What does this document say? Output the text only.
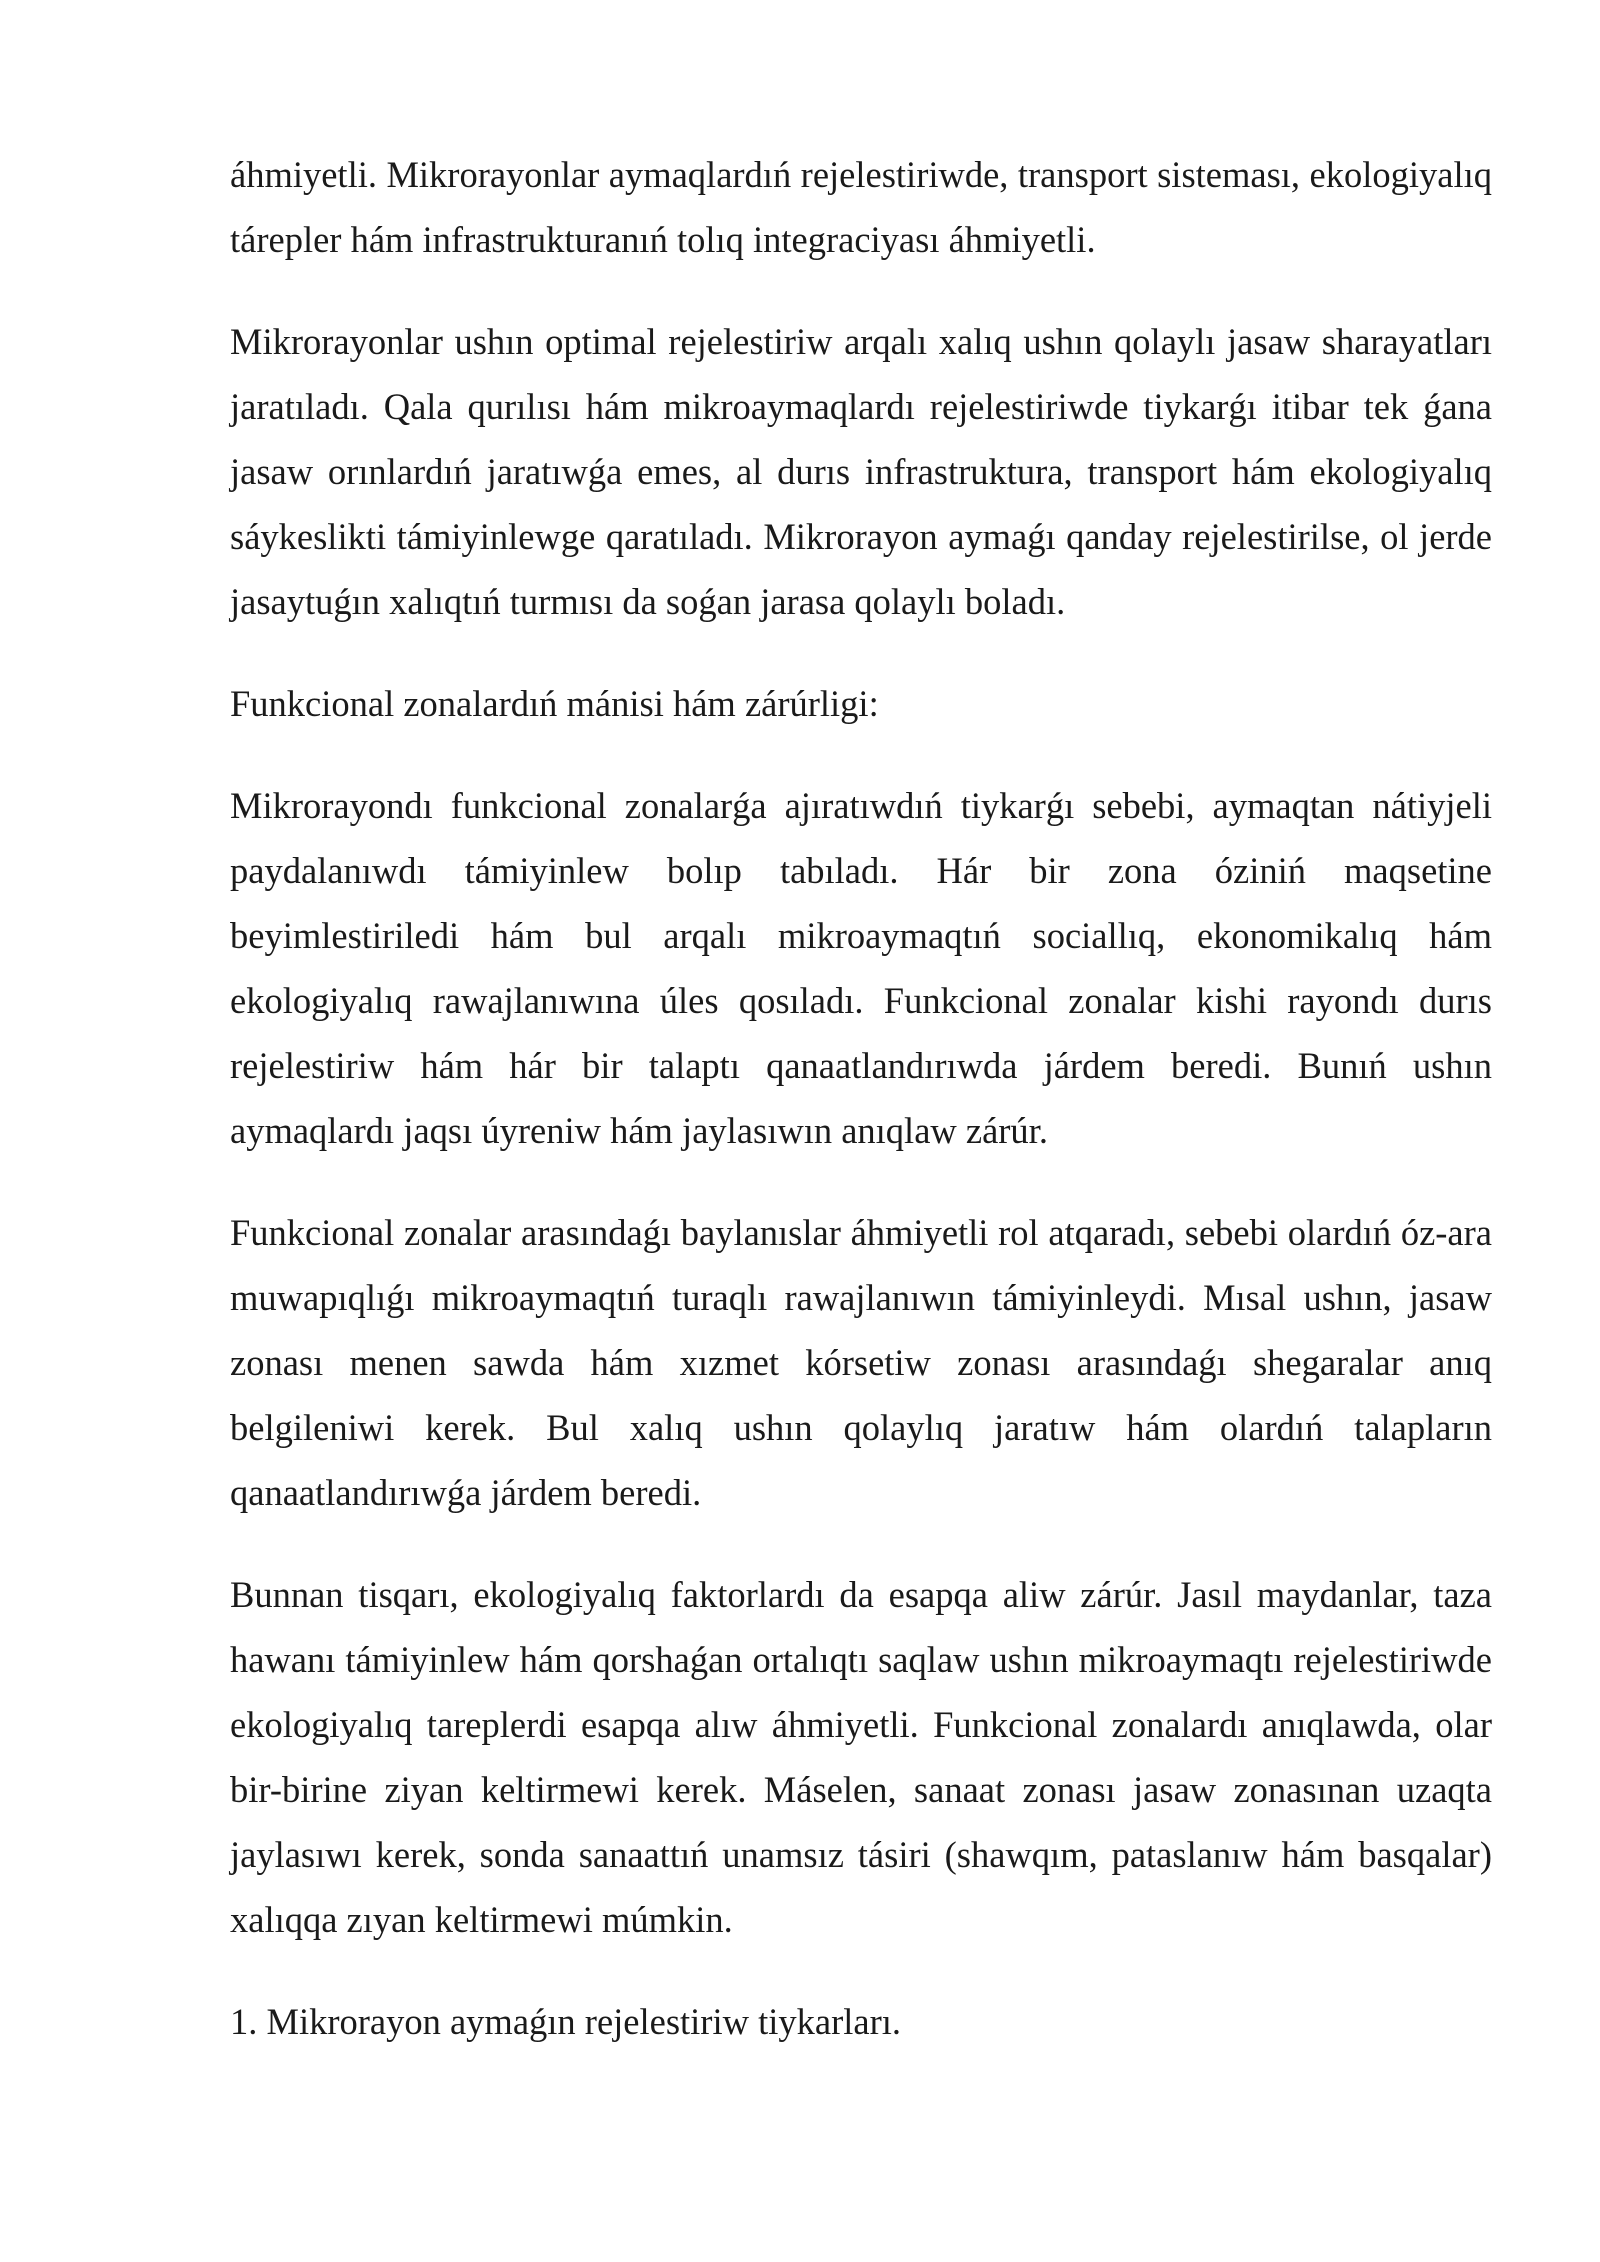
áhmiyetli. Mikrorayonlar aymaqlardıń rejelestiriwde, transport sisteması, ekologiyalıq tárepler hám infrastrukturanıń tolıq integraciyası áhmiyetli.

Mikrorayonlar ushın optimal rejelestiriw arqalı xalıq ushın qolaylı jasaw sharayatları jaratıladı. Qala qurılısı hám mikroaymaqlardı rejelestiriwde tiykarǵı itibar tek ǵana jasaw orınlardıń jaratıwǵa emes, al durıs infrastruktura, transport hám ekologiyalıq sáykeslikti támiyinlewge qaratıladı. Mikrorayon aymaǵı qanday rejelestirilse, ol jerde jasaytuǵın xalıqtıń turmısı da soǵan jarasa qolaylı boladı.

Funkcional zonalardıń mánisi hám zárúrligi:

Mikrorayondı funkcional zonalarǵa ajıratıwdıń tiykarǵı sebebi, aymaqtan nátiyjeli paydalanıwdı támiyinlew bolıp tabıladı. Hár bir zona óziniń maqsetine beyimlestiriledi hám bul arqalı mikroaymaqtıń sociallıq, ekonomikalıq hám ekologiyalıq rawajlanıwına úles qosıladı. Funkcional zonalar kishi rayondı durıs rejelestiriw hám hár bir talaptı qanaatlandırıwda járdem beredi. Bunıń ushın aymaqlardı jaqsı úyreniw hám jaylasıwın anıqlaw zárúr.

Funkcional zonalar arasındaǵı baylanıslar áhmiyetli rol atqaradı, sebebi olardıń óz-ara muwapıqlıǵı mikroaymaqtıń turaqlı rawajlanıwın támiyinleydi. Mısal ushın, jasaw zonası menen sawda hám xızmet kórsetiw zonası arasındaǵı shegaralar anıq belgileniwi kerek. Bul xalıq ushın qolaylıq jaratıw hám olardıń talapların qanaatlandırıwǵa járdem beredi.

Bunnan tisqarı, ekologiyalıq faktorlardı da esapqa aliw zárúr. Jasıl maydanlar, taza hawanı támiyinlew hám qorshaǵan ortalıqtı saqlaw ushın mikroaymaqtı rejelestiriwde ekologiyalıq tareplerdi esapqa alıw áhmiyetli. Funkcional zonalardı anıqlawda, olar bir-birine ziyan keltirmewi kerek. Máselen, sanaat zonası jasaw zonasınan uzaqta jaylasıwı kerek, sonda sanaattıń unamsız tásiri (shawqım, pataslanıw hám basqalar) xalıqqa zıyan keltirmewi múmkin.

1. Mikrorayon aymaǵın rejelestiriw tiykarları.
